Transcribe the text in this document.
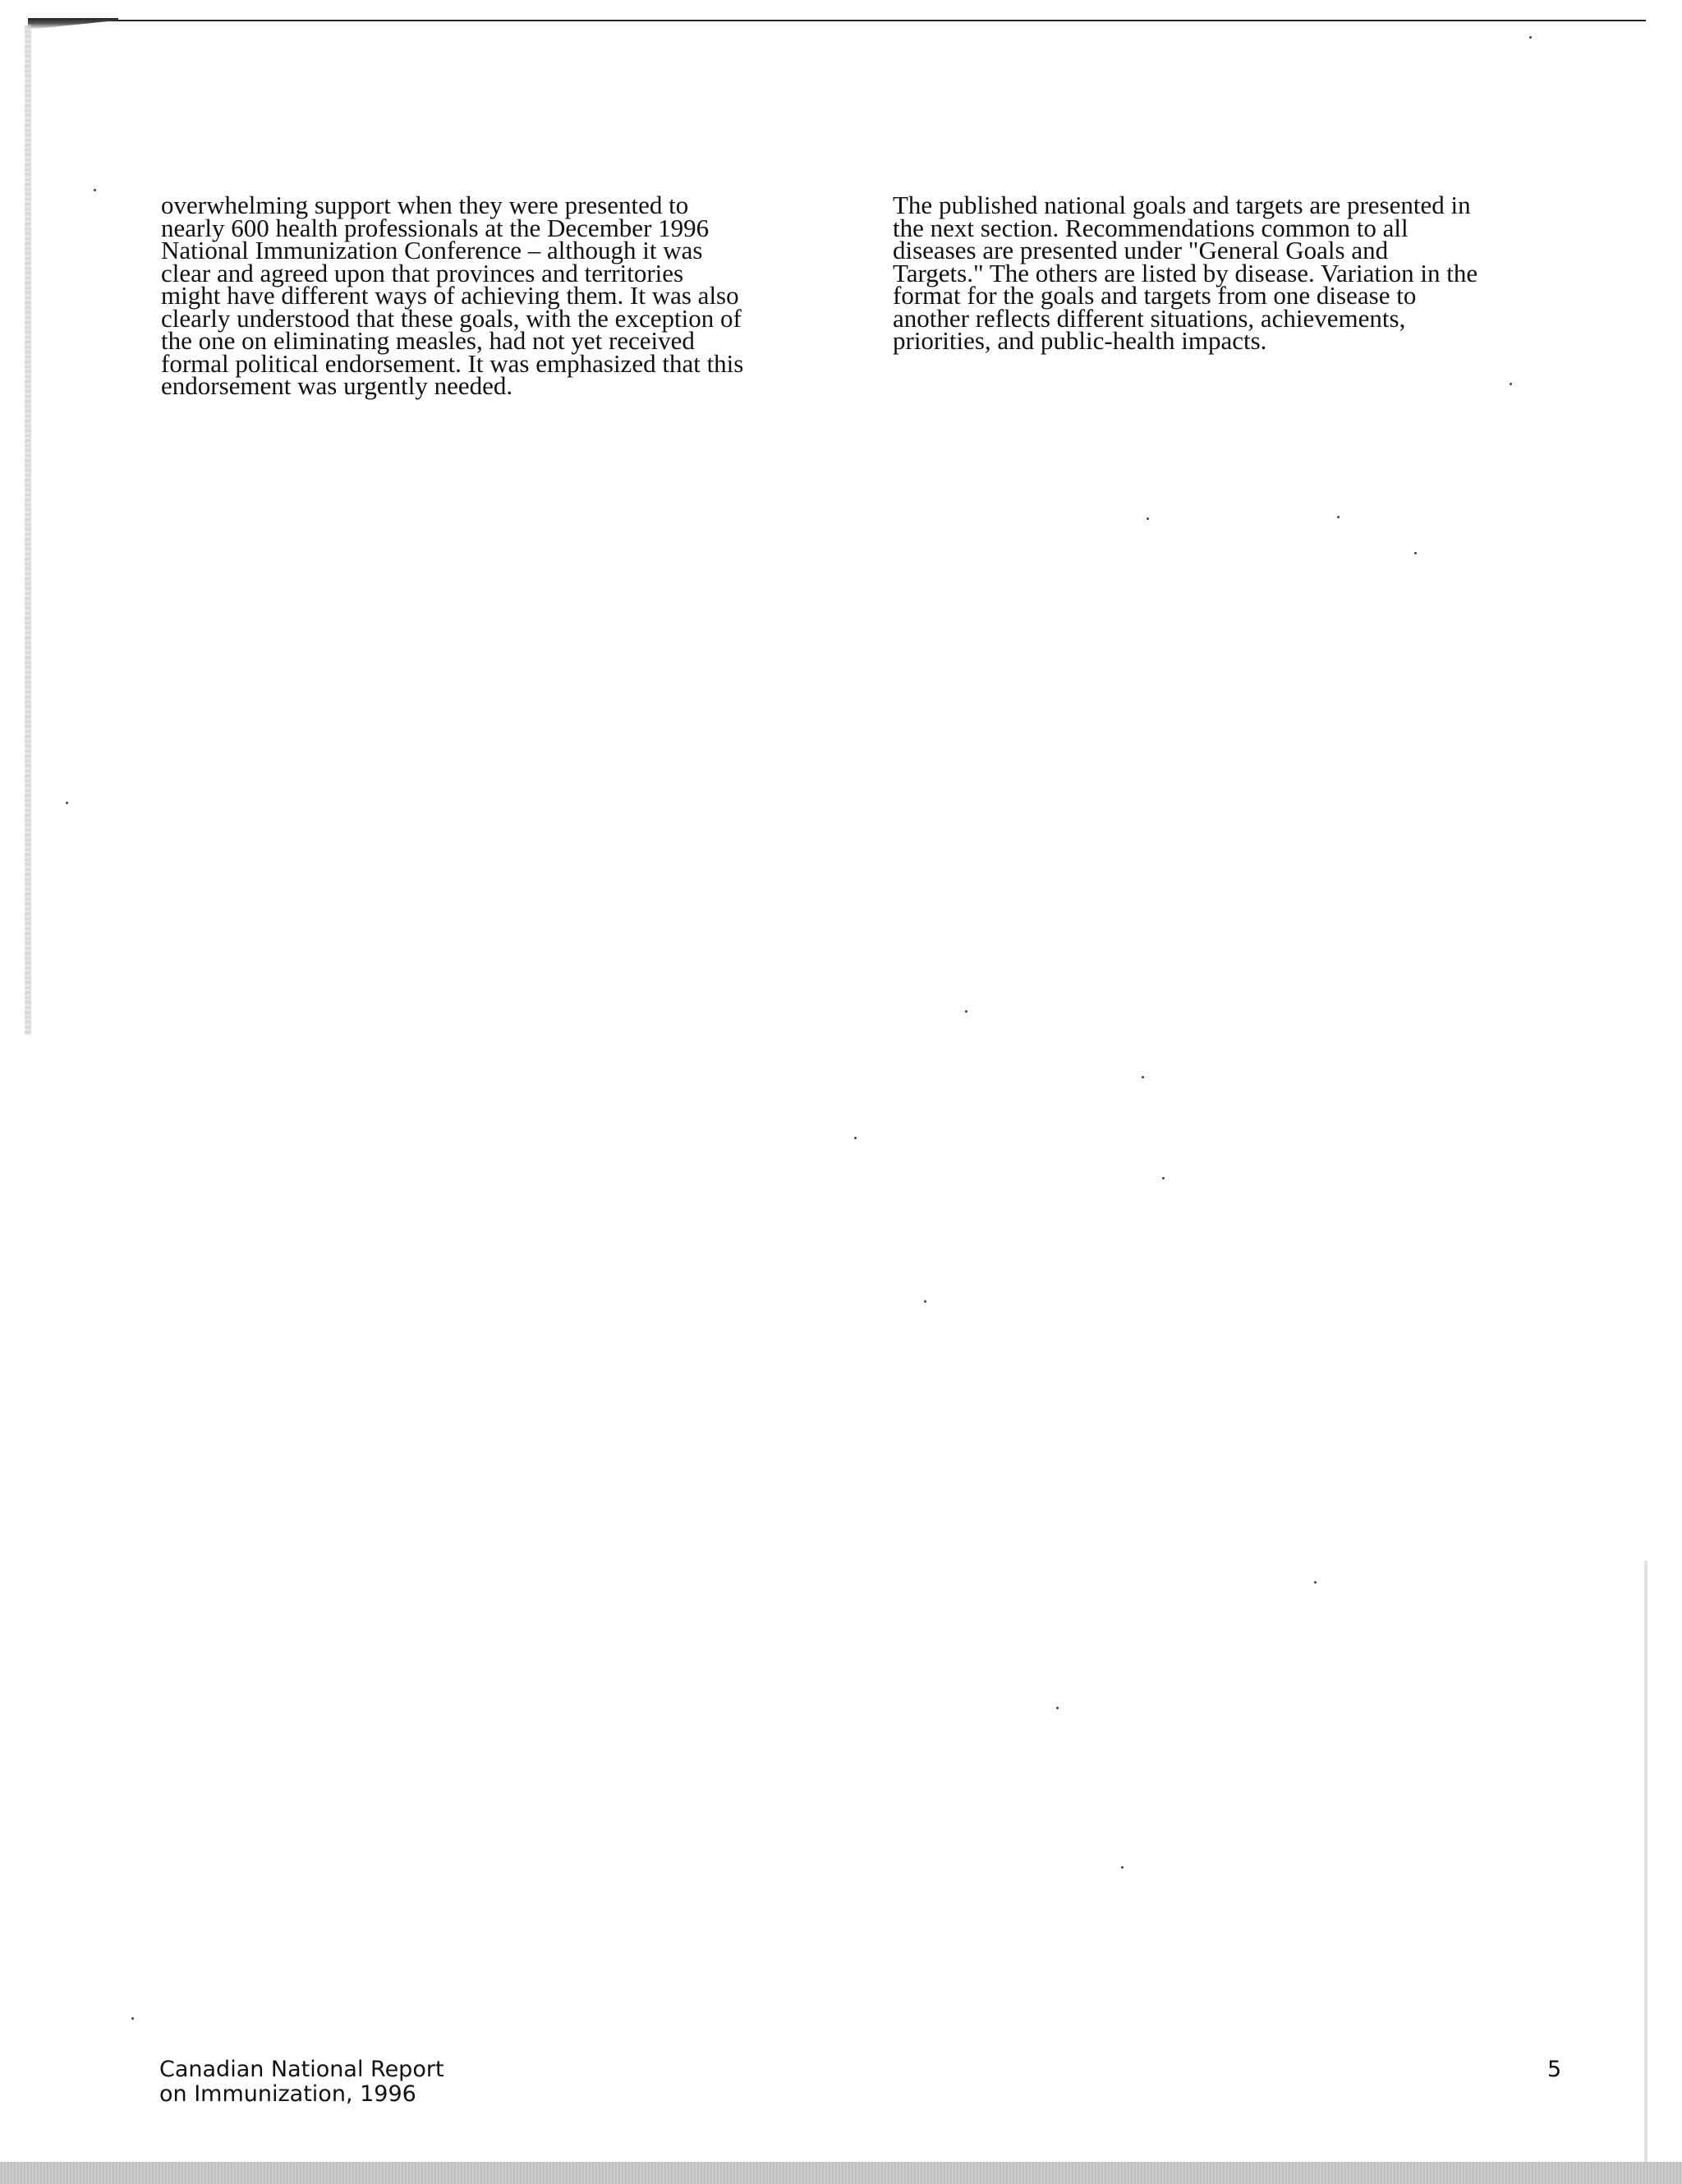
overwhelming support when they were presented to
nearly 600 health professionals at the December 1996
National Immunization Conference – although it was
clear and agreed upon that provinces and territories
might have different ways of achieving them. It was also
clearly understood that these goals, with the exception of
the one on eliminating measles, had not yet received
formal political endorsement. It was emphasized that this
endorsement was urgently needed.
The published national goals and targets are presented in
the next section. Recommendations common to all
diseases are presented under "General Goals and
Targets." The others are listed by disease. Variation in the
format for the goals and targets from one disease to
another reflects different situations, achievements,
priorities, and public-health impacts.
Canadian National Report
on Immunization, 1996
5
